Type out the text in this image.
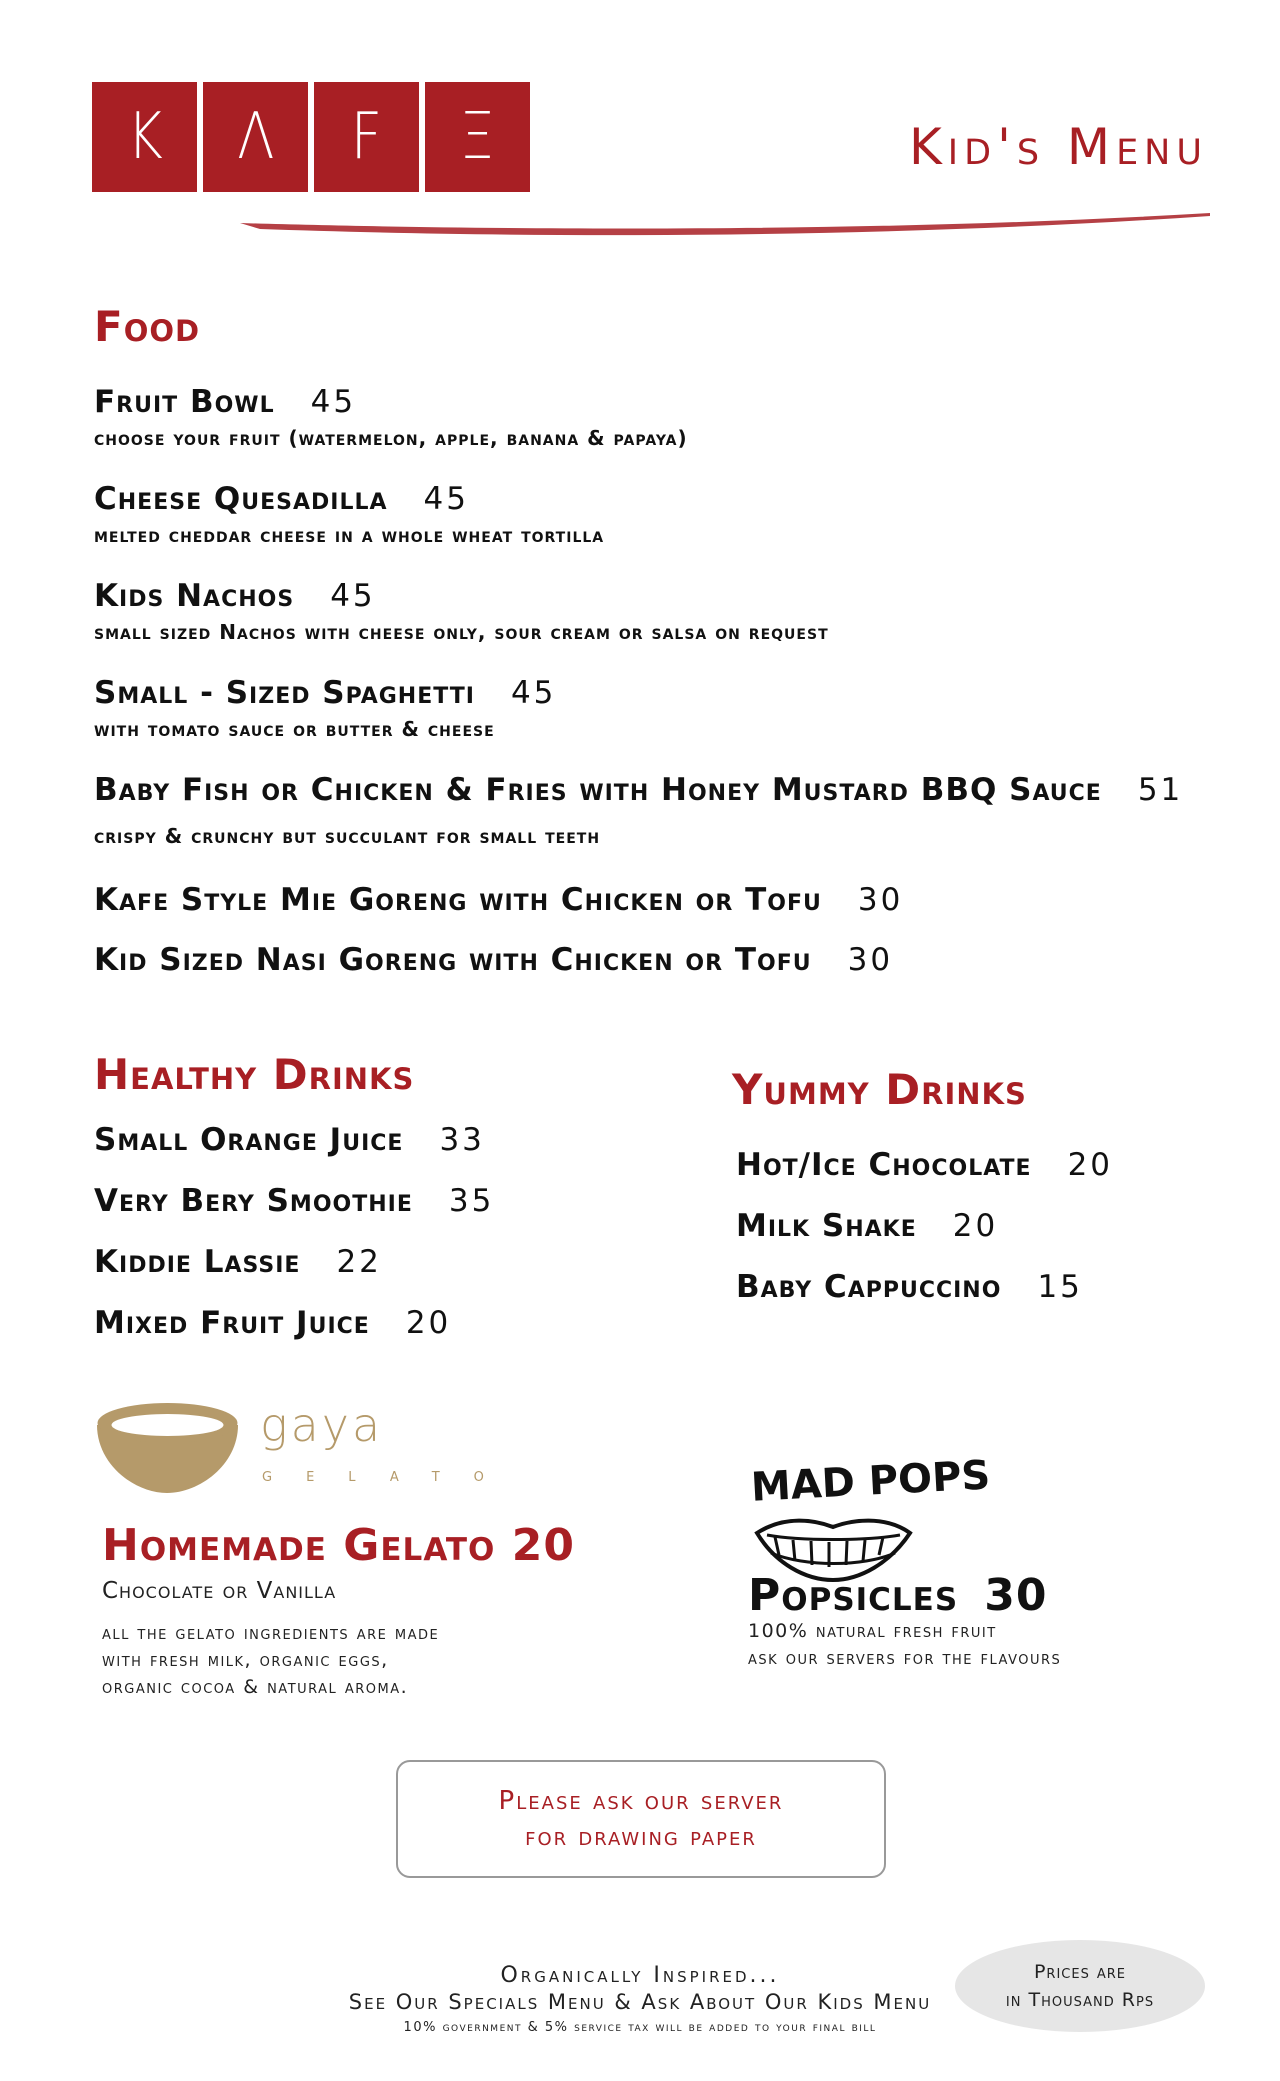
K Λ F Ξ	Kid's Menu
Food
Fruit Bowl 45
choose your fruit (watermelon, apple, banana & papaya)
Cheese Quesadilla 45
melted cheddar cheese in a whole wheat tortilla
Kids Nachos 45
small sized Nachos with cheese only, sour cream or salsa on request
Small - Sized Spaghetti 45
with tomato sauce or butter & cheese
Baby Fish or Chicken & Fries with Honey Mustard BBQ Sauce 51
crispy & crunchy but succulant for small teeth
Kafe Style Mie Goreng with Chicken or Tofu 30
Kid Sized Nasi Goreng with Chicken or Tofu 30
Healthy Drinks
Small Orange Juice 33
Very Bery Smoothie 35
Kiddie Lassie 22
Mixed Fruit Juice 20
Yummy Drinks
Hot/Ice Chocolate 20
Milk Shake 20
Baby Cappuccino 15
gaya
GELATO
Homemade Gelato 20
Chocolate or Vanilla
all the gelato ingredients are made
with fresh milk, organic eggs,
organic cocoa & natural aroma.
MAD POPS
Popsicles 30
100% natural fresh fruit
ask our servers for the flavours
Please ask our server
for drawing paper
Organically Inspired...
See Our Specials Menu & Ask About Our Kids Menu
10% government & 5% service tax will be added to your final bill
Prices are
in Thousand Rps
